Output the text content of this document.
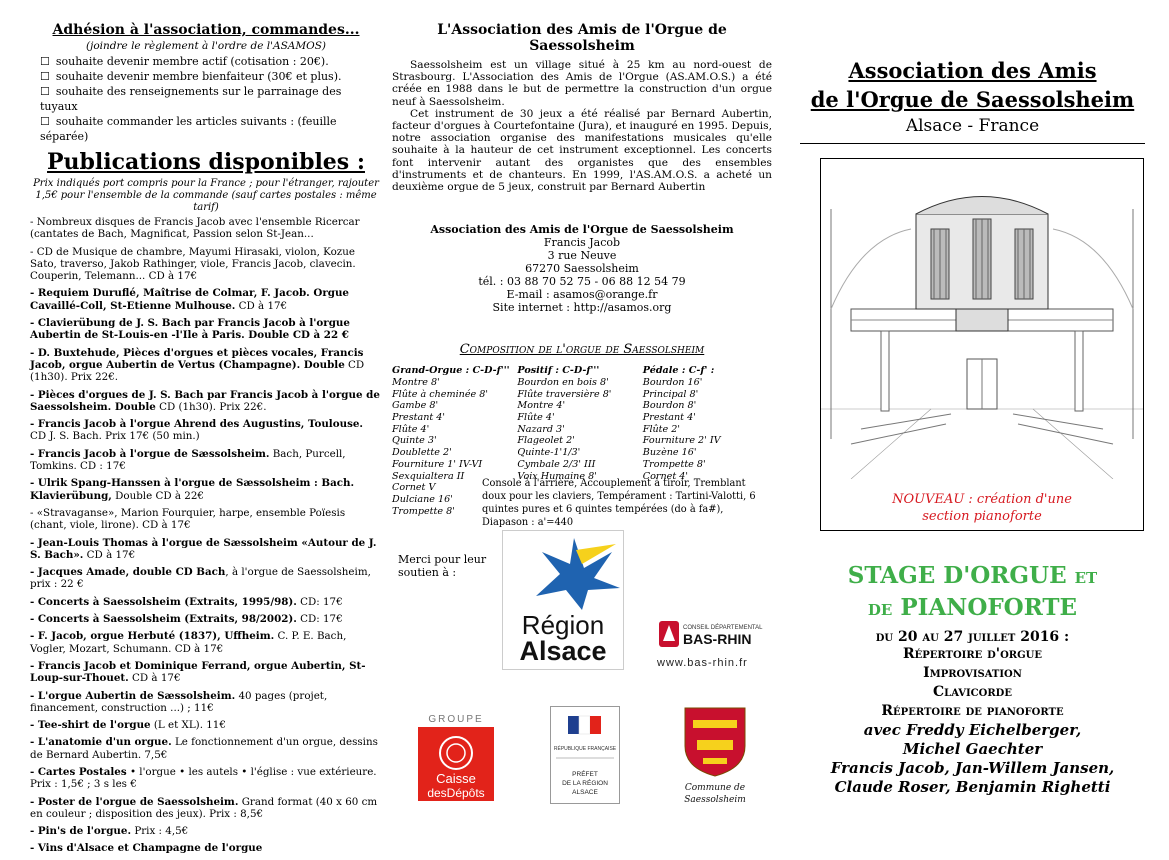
Adhésion à l'association, commandes...

(joindre le règlement à l'ordre de l'ASAMOS)

☐ souhaite devenir membre actif (cotisation : 20€).
☐ souhaite devenir membre bienfaiteur (30€ et plus).
☐ souhaite des renseignements sur le parrainage des tuyaux
☐ souhaite commander les articles suivants : (feuille séparée)

Publications disponibles :

Prix indiqués port compris pour la France ; pour l'étranger, rajouter 1,5€ pour l'ensemble de la commande (sauf cartes postales : même tarif)

- Nombreux disques de Francis Jacob avec l'ensemble Ricercar (cantates de Bach, Magnificat, Passion selon St-Jean...
- CD de Musique de chambre, Mayumi Hirasaki, violon, Kozue Sato, traverso, Jakob Rathinger, viole, Francis Jacob, clavecin. Couperin, Telemann... CD à 17€
- Requiem Duruflé, Maîtrise de Colmar, F. Jacob. Orgue Cavaillé-Coll, St-Etienne Mulhouse. CD à 17€
- Clavierübung de J. S. Bach par Francis Jacob à l'orgue Aubertin de St-Louis-en -l'Ile à Paris. Double CD à 22 €
- D. Buxtehude, Pièces d'orgues et pièces vocales, Francis Jacob, orgue Aubertin de Vertus (Champagne). Double CD (1h30). Prix 22€.
- Pièces d'orgues de J. S. Bach par Francis Jacob à l'orgue de Saessolsheim. Double CD (1h30). Prix 22€.
- Francis Jacob à l'orgue Ahrend des Augustins, Toulouse. CD J. S. Bach. Prix 17€ (50 min.)
- Francis Jacob à l'orgue de Sæssolsheim. Bach, Purcell, Tomkins. CD : 17€
- Ulrik Spang-Hanssen à l'orgue de Sæssolsheim : Bach. Klavierübung, Double CD à 22€
- «Stravaganse», Marion Fourquier, harpe, ensemble Poïesis (chant, viole, lirone). CD à 17€
- Jean-Louis Thomas à l'orgue de Sæssolsheim «Autour de J. S. Bach». CD à 17€
- Jacques Amade, double CD Bach, à l'orgue de Saessolsheim, prix : 22 €
- Concerts à Saessolsheim (Extraits, 1995/98). CD: 17€
- Concerts à Saessolsheim (Extraits, 98/2002). CD: 17€
- F. Jacob, orgue Herbuté (1837), Uffheim. C. P. E. Bach, Vogler, Mozart, Schumann. CD à 17€
- Francis Jacob et Dominique Ferrand, orgue Aubertin, St-Loup-sur-Thouet. CD à 17€
- L'orgue Aubertin de Sæssolsheim. 40 pages (projet, financement, construction ...) ; 11€
- Tee-shirt de l'orgue (L et XL). 11€
- L'anatomie d'un orgue. Le fonctionnement d'un orgue, dessins de Bernard Aubertin. 7,5€
- Cartes Postales • l'orgue • les autels • l'église : vue extérieure. Prix : 1,5€ ; 3 s les €
- Poster de l'orgue de Saessolsheim. Grand format (40 x 60 cm en couleur ; disposition des jeux). Prix : 8,5€
- Pin's de l'orgue. Prix : 4,5€
- Vins d'Alsace et Champagne de l'orgue

L'Association des Amis de l'Orgue de Saessolsheim

Saessolsheim est un village situé à 25 km au nord-ouest de Strasbourg. L'Association des Amis de l'Orgue (AS.AM.O.S.) a été créée en 1988 dans le but de permettre la construction d'un orgue neuf à Saessolsheim.

Cet instrument de 30 jeux a été réalisé par Bernard Aubertin, facteur d'orgues à Courtefontaine (Jura), et inauguré en 1995. Depuis, notre association organise des manifestations musicales qu'elle souhaite à la hauteur de cet instrument exceptionnel. Les concerts font intervenir autant des organistes que des ensembles d'instruments et de chanteurs. En 1999, l'AS.AM.O.S. a acheté un deuxième orgue de 5 jeux, construit par Bernard Aubertin

Association des Amis de l'Orgue de Saessolsheim
Francis Jacob
3 rue Neuve
67270 Saessolsheim
tél. : 03 88 70 52 75 - 06 88 12 54 79
E-mail : asamos@orange.fr
Site internet : http://asamos.org

Composition de l'orgue de Saessolsheim

Grand-Orgue : C-D-f'''
Montre 8'
Flûte à cheminée 8'
Gambe 8'
Prestant 4'
Flûte 4'
Quinte 3'
Doublette 2'
Fourniture 1' IV-VI
Sexquialtera II
Cornet V
Dulciane 16'
Trompette 8'
Positif : C-D-f'''
Bourdon en bois 8'
Flûte traversière 8'
Montre 4'
Flûte 4'
Nazard 3'
Flageolet 2'
Quinte-1'1/3'
Cymbale 2/3' III
Voix Humaine 8'
Pédale : C-f' :
Bourdon 16'
Principal 8'
Bourdon 8'
Prestant 4'
Flûte 2'
Fourniture 2' IV
Buzène 16'
Trompette 8'
Cornet 4'

Console à l'arrière, Accouplement à tiroir, Tremblant doux pour les claviers, Tempérament : Tartini-Valotti, 6 quintes pures et 6 quintes tempérées (do à fa#), Diapason : a'=440

Merci pour leur soutien à :

Région
Alsace
CONSEIL DÉPARTEMENTAL
BAS-RHIN
www.bas-rhin.fr
GROUPE
Caisse
desDépôts
RÉPUBLIQUE FRANÇAISE
PRÉFET
DE LA RÉGION
ALSACE	Commune de
Saessolsheim
Association des Amis
de l'Orgue de Saessolsheim
Alsace - France
NOUVEAU : création d'une
section pianoforte
STAGE D'ORGUE ET
DE PIANOFORTE
du 20 au 27 juillet 2016 :
Répertoire d'orgue
Improvisation
Clavicorde
Répertoire de pianoforte
avec Freddy Eichelberger,
Michel Gaechter
Francis Jacob, Jan-Willem Jansen,
Claude Roser, Benjamin Righetti
